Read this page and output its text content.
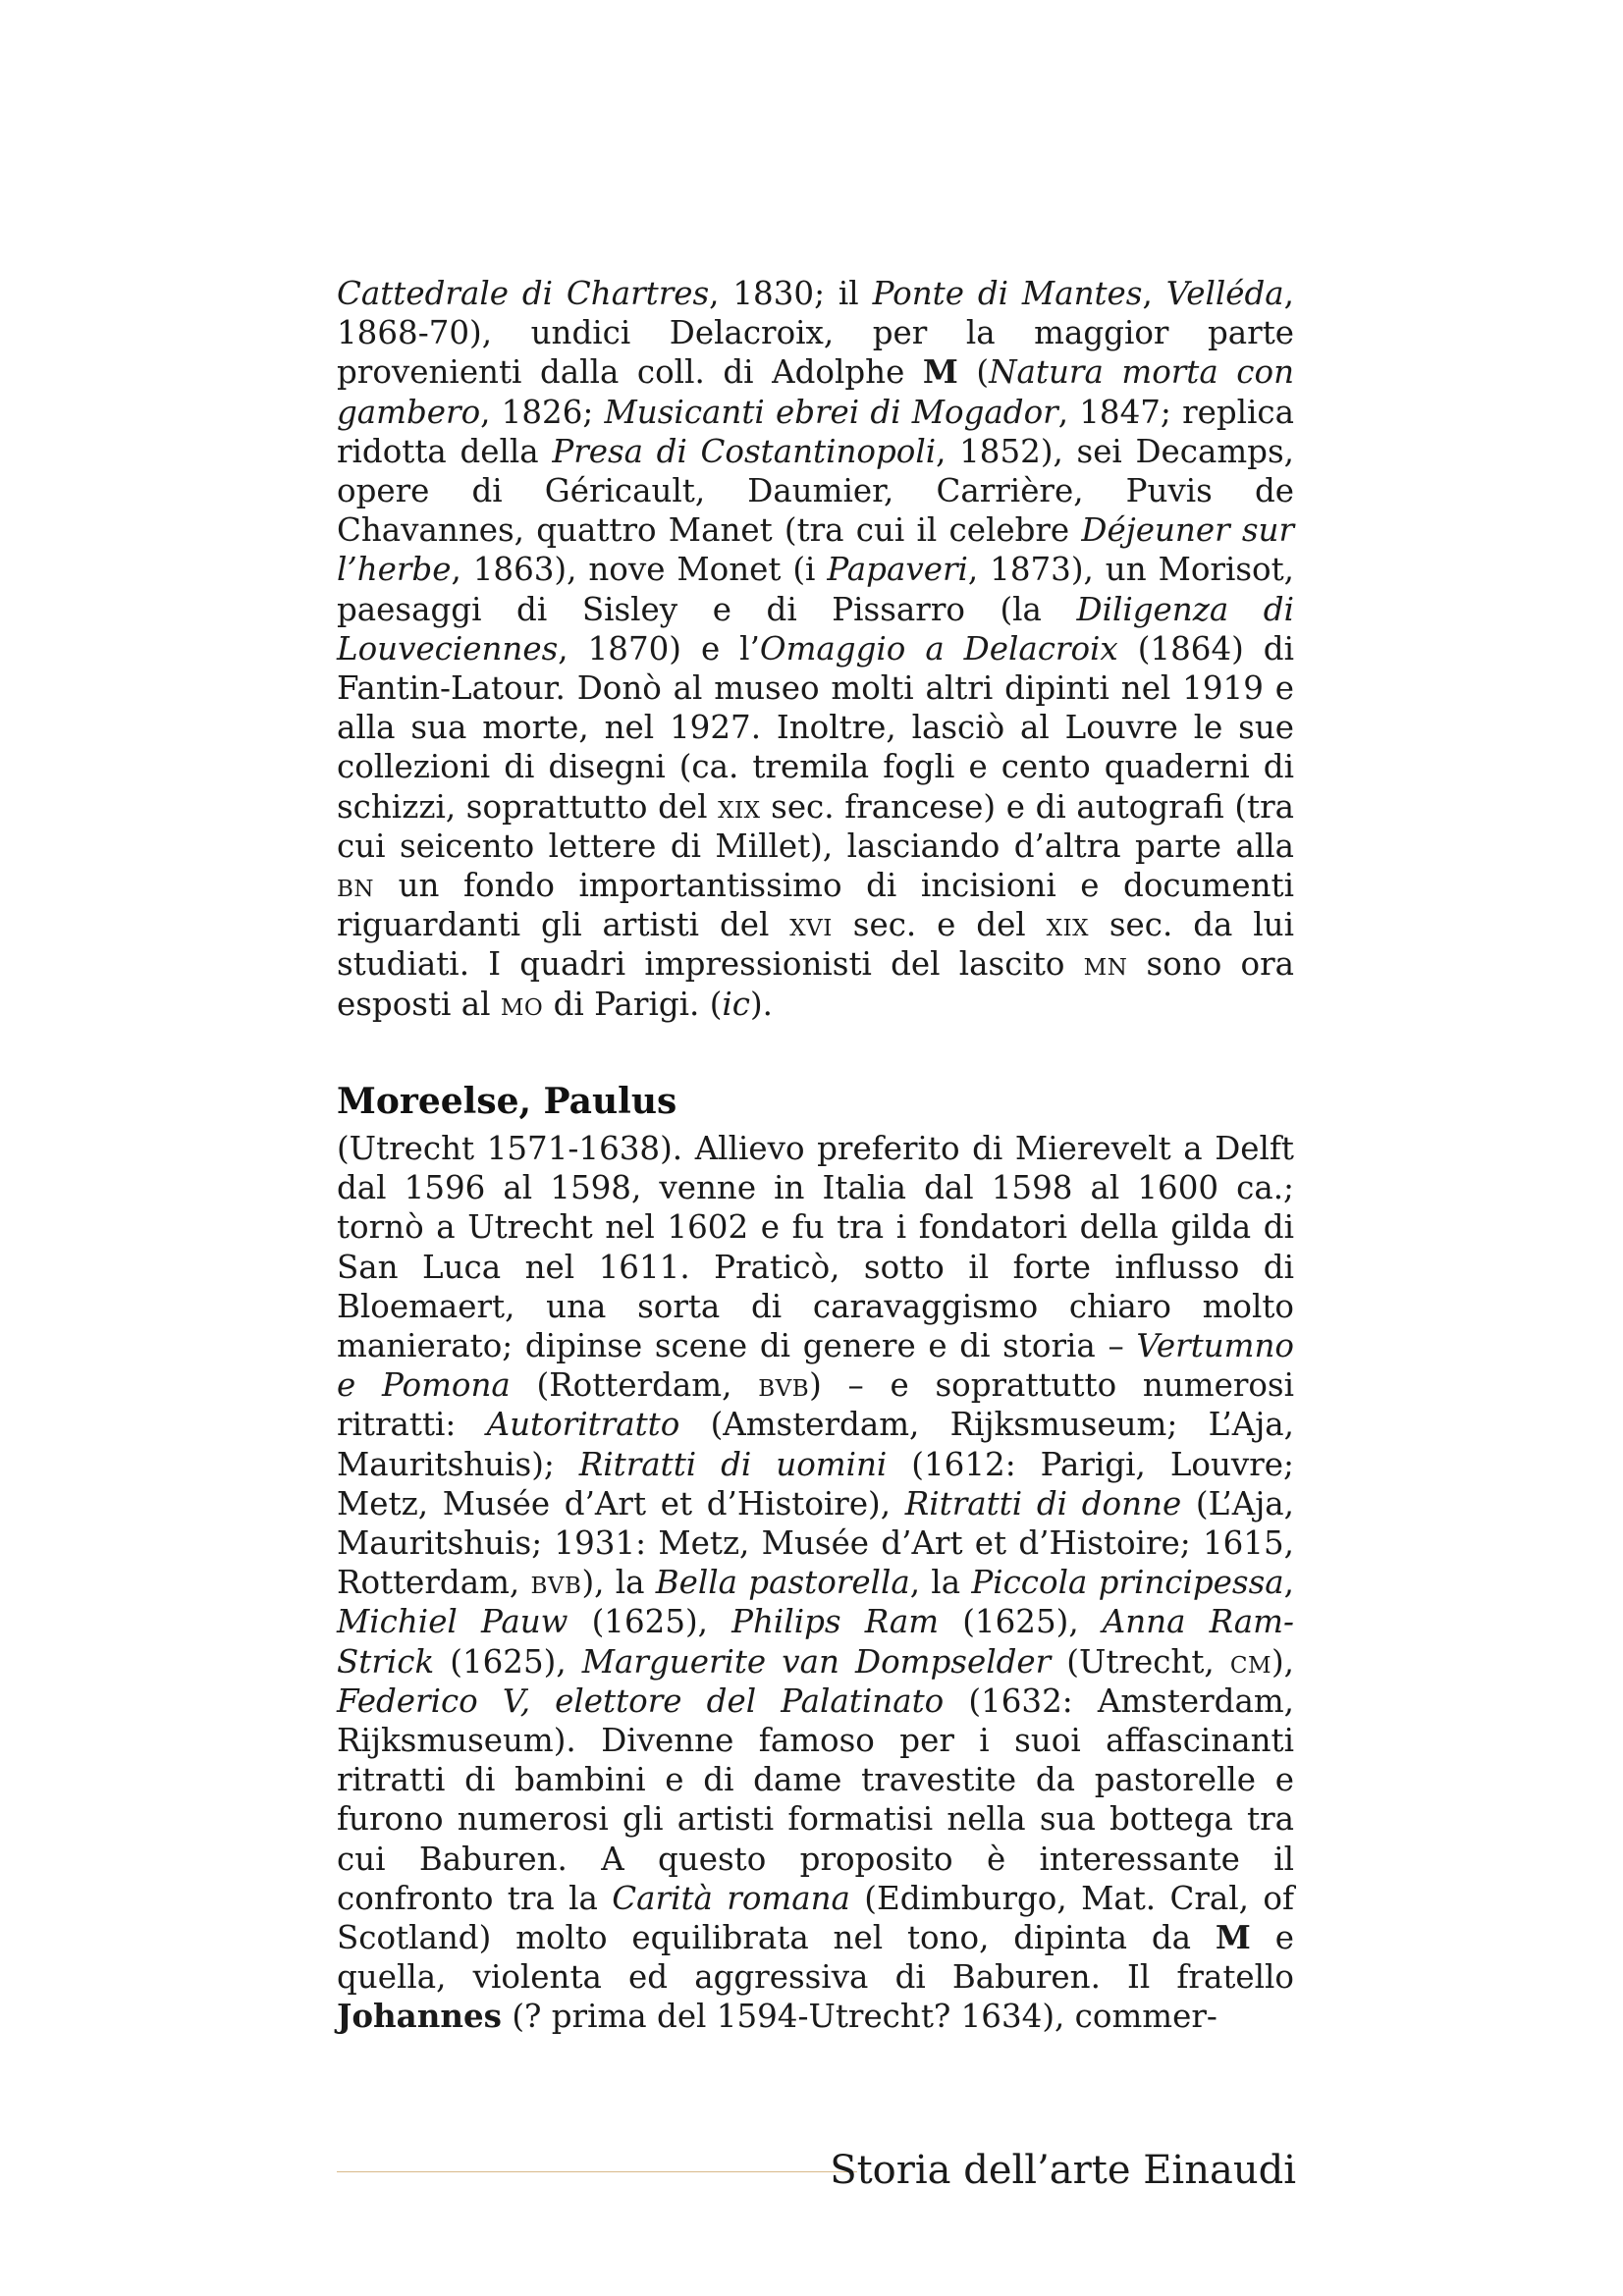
Cattedrale di Chartres, 1830; il Ponte di Mantes, Velléda, 1868-70), undici Delacroix, per la maggior parte provenienti dalla coll. di Adolphe M (Natura morta con gambero, 1826; Musicanti ebrei di Mogador, 1847; replica ridotta della Presa di Costantinopoli, 1852), sei Decamps, opere di Géricault, Daumier, Carrière, Puvis de Chavannes, quattro Manet (tra cui il celebre Déjeuner sur l’herbe, 1863), nove Monet (i Papaveri, 1873), un Morisot, paesaggi di Sisley e di Pissarro (la Diligenza di Louveciennes, 1870) e l’Omaggio a Delacroix (1864) di Fantin-Latour. Donò al museo molti altri dipinti nel 1919 e alla sua morte, nel 1927. Inoltre, lasciò al Louvre le sue collezioni di disegni (ca. tremila fogli e cento quaderni di schizzi, soprattutto del xix sec. francese) e di autografi (tra cui seicento lettere di Millet), lasciando d’altra parte alla bn un fondo importantissimo di incisioni e documenti riguardanti gli artisti del xvi sec. e del xix sec. da lui studiati. I quadri impressionisti del lascito mn sono ora esposti al mo di Parigi. (ic).

Moreelse, Paulus

(Utrecht 1571-1638). Allievo preferito di Mierevelt a Delft dal 1596 al 1598, venne in Italia dal 1598 al 1600 ca.; tornò a Utrecht nel 1602 e fu tra i fondatori della gilda di San Luca nel 1611. Praticò, sotto il forte influsso di Bloemaert, una sorta di caravaggismo chiaro molto manierato; dipinse scene di genere e di storia – Vertumno e Pomona (Rotterdam, bvb) – e soprattutto numerosi ritratti: Autoritratto (Amsterdam, Rijksmuseum; L’Aja, Mauritshuis); Ritratti di uomini (1612: Parigi, Louvre; Metz, Musée d’Art et d’Histoire), Ritratti di donne (L’Aja, Mauritshuis; 1931: Metz, Musée d’Art et d’Histoire; 1615, Rotterdam, bvb), la Bella pastorella, la Piccola principessa, Michiel Pauw (1625), Philips Ram (1625), Anna Ram-Strick (1625), Marguerite van Dompselder (Utrecht, cm), Federico V, elettore del Palatinato (1632: Amsterdam, Rijksmuseum). Divenne famoso per i suoi affascinanti ritratti di bambini e di dame travestite da pastorelle e furono numerosi gli artisti formatisi nella sua bottega tra cui Baburen. A questo proposito è interessante il confronto tra la Carità romana (Edimburgo, Mat. Cral, of Scotland) molto equilibrata nel tono, dipinta da M e quella, violenta ed aggressiva di Baburen. Il fratello Johannes (? prima del 1594-Utrecht? 1634), commer-

Storia dell’arte Einaudi
